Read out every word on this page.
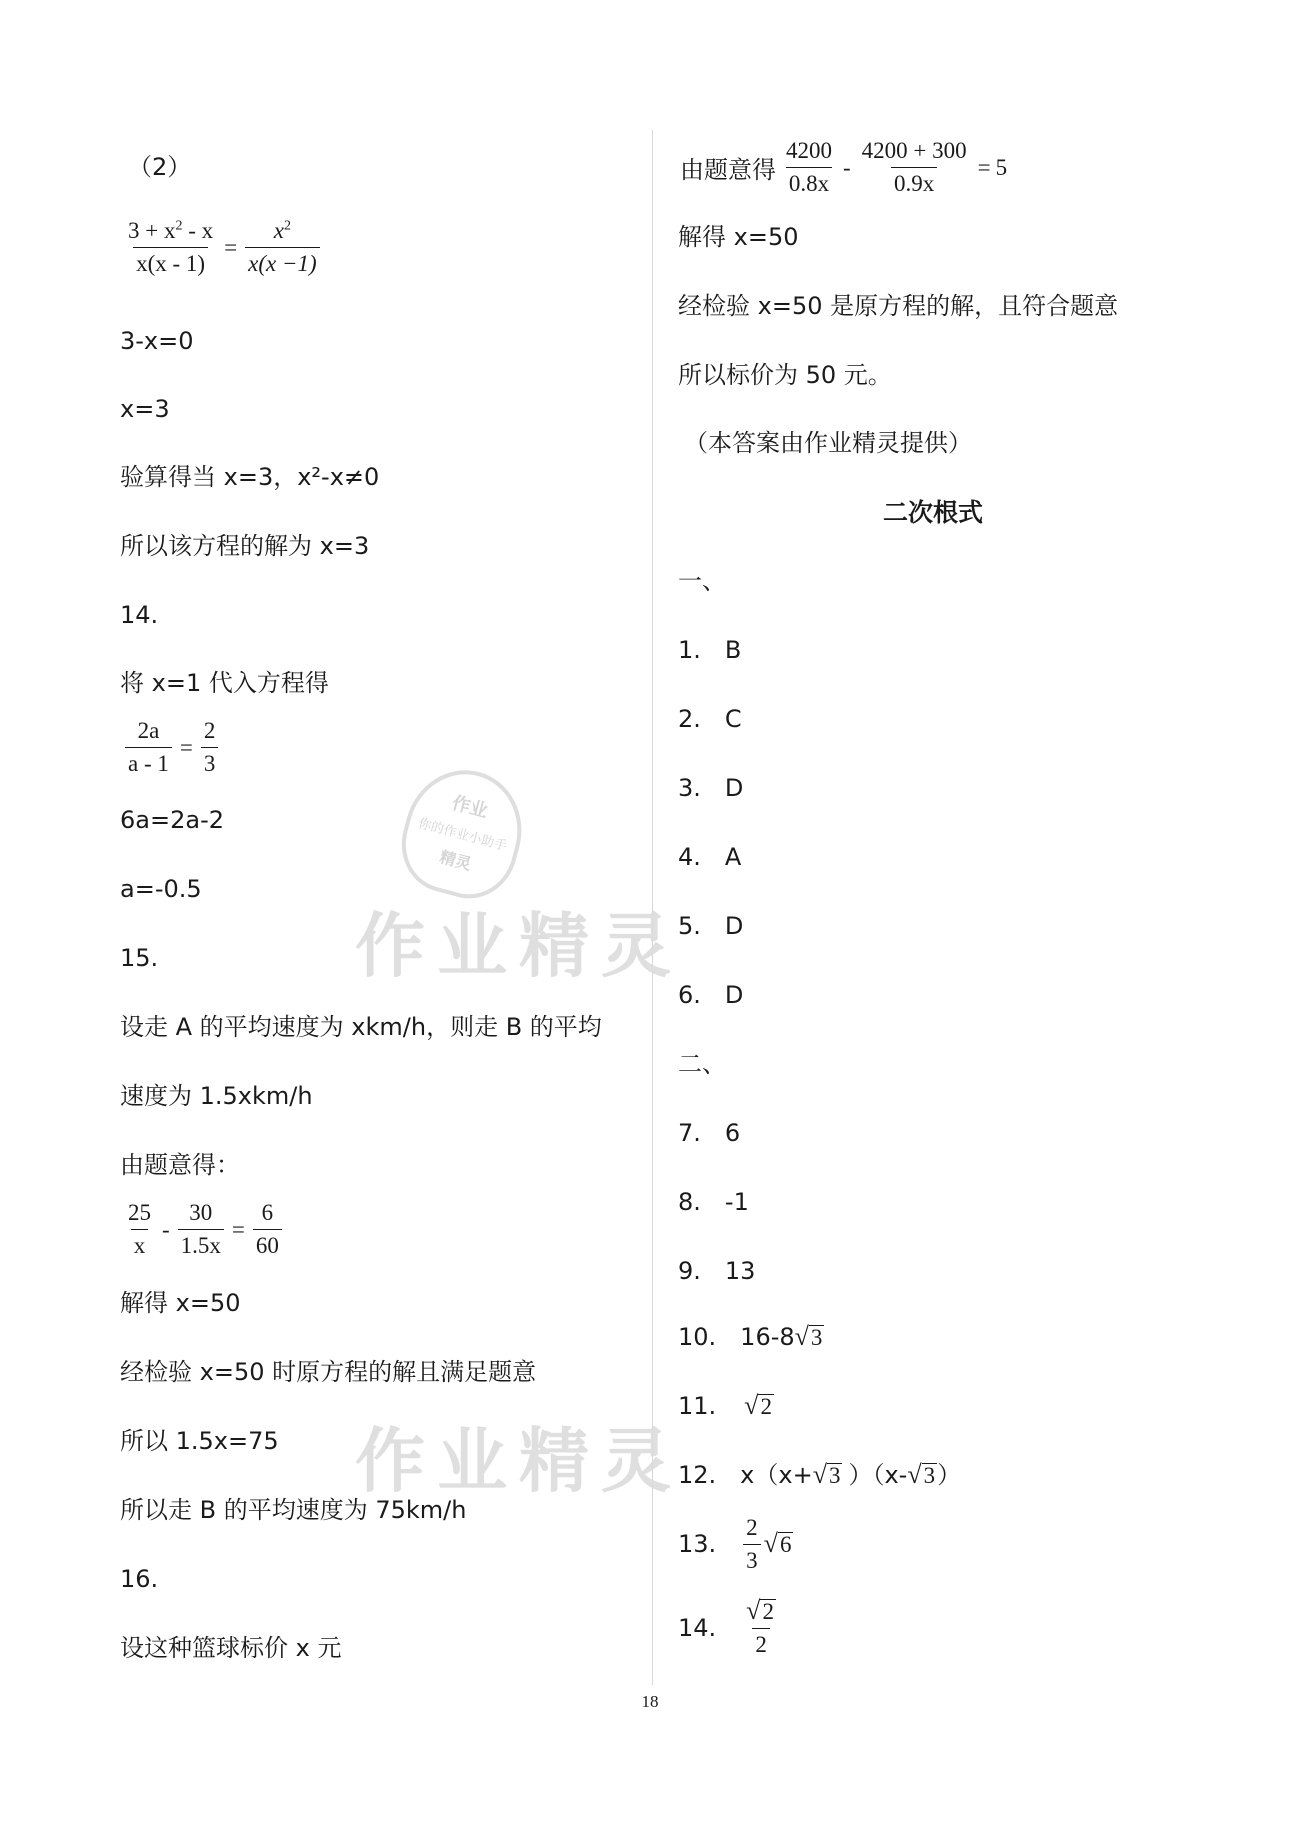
作业
你的作业小助手
精灵
作业精灵
作业精灵
（2）
$\frac{3 + x^2 - x}{x(x - 1)} = \frac{x^2}{x(x -1)}$
3-x=0
x=3
验算得当 x=3，x²-x≠0
所以该方程的解为 x=3
14.
将 x=1 代入方程得
$\frac{2a}{a - 1} = \frac{2}{3}$
6a=2a-2
a=-0.5
15.
设走 A 的平均速度为 xkm/h，则走 B 的平均
速度为 1.5xkm/h
由题意得：
$\frac{25}{x} - \frac{30}{1.5x} = \frac{6}{60}$
解得 x=50
经检验 x=50 时原方程的解且满足题意
所以 1.5x=75
所以走 B 的平均速度为 75km/h
16.
设这种篮球标价 x 元
由题意得 $\frac{4200}{0.8x} - \frac{4200 + 300}{0.9x} = 5$
解得 x=50
经检验 x=50 是原方程的解，且符合题意
所以标价为 50 元。
（本答案由作业精灵提供）
二次根式
一、
1. B
2. C
3. D
4. A
5. D
6. D
二、
7. 6
8. -1
9. 13
10. 16-8 √ 3
11. √ 2
12. x（x+ √ 3 ）（x- √ 3 ）
13. $\frac{2}{3}$ √ 6
14. $\frac{√ 2}{2}$
18
